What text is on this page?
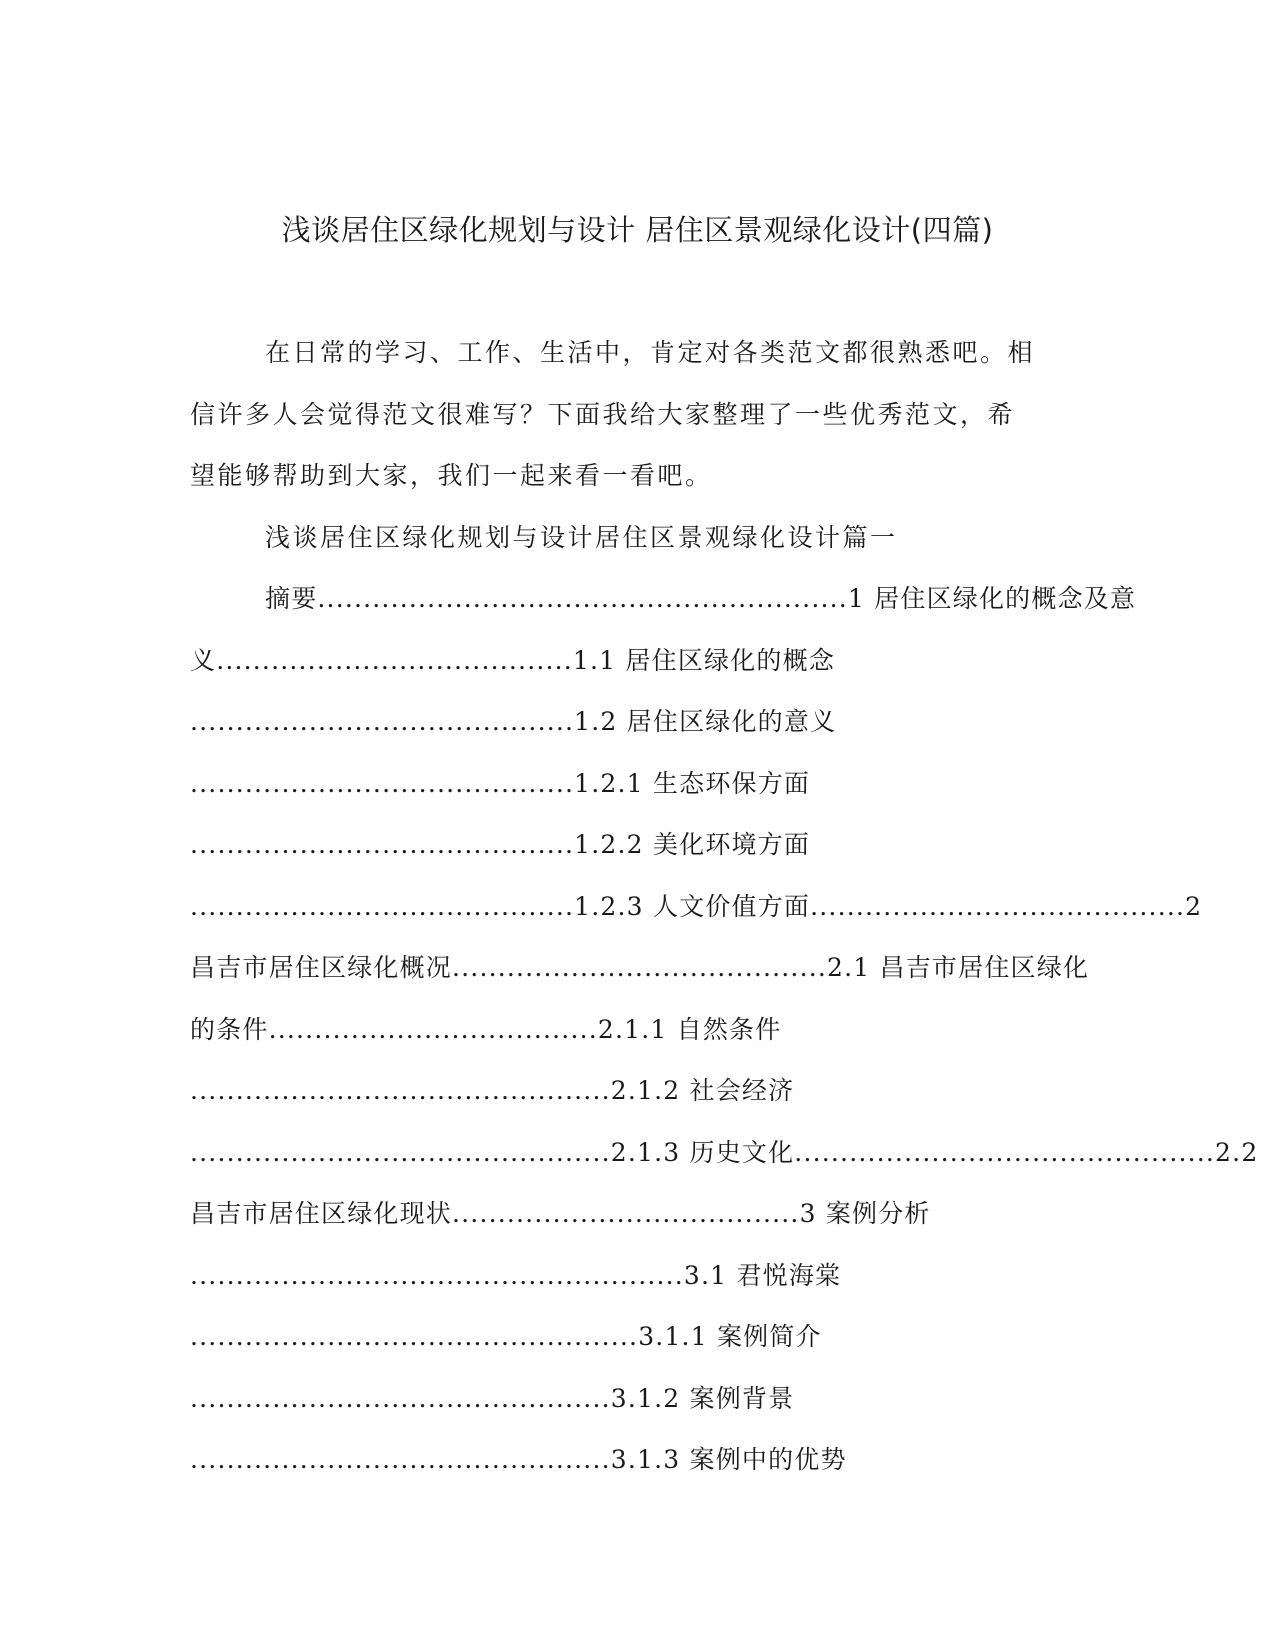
浅谈居住区绿化规划与设计 居住区景观绿化设计(四篇)
在日常的学习、工作、生活中，肯定对各类范文都很熟悉吧。相
信许多人会觉得范文很难写？下面我给大家整理了一些优秀范文，希
望能够帮助到大家，我们一起来看一看吧。
浅谈居住区绿化规划与设计居住区景观绿化设计篇一
摘要..........................................................1 居住区绿化的概念及意
义.......................................1.1 居住区绿化的概念
..........................................1.2 居住区绿化的意义
..........................................1.2.1 生态环保方面
..........................................1.2.2 美化环境方面
..........................................1.2.3 人文价值方面.........................................2
昌吉市居住区绿化概况.........................................2.1 昌吉市居住区绿化
的条件....................................2.1.1 自然条件
..............................................2.1.2 社会经济
..............................................2.1.3 历史文化..............................................2.2
昌吉市居住区绿化现状......................................3 案例分析
......................................................3.1 君悦海棠
.................................................3.1.1 案例简介
..............................................3.1.2 案例背景
..............................................3.1.3 案例中的优势
